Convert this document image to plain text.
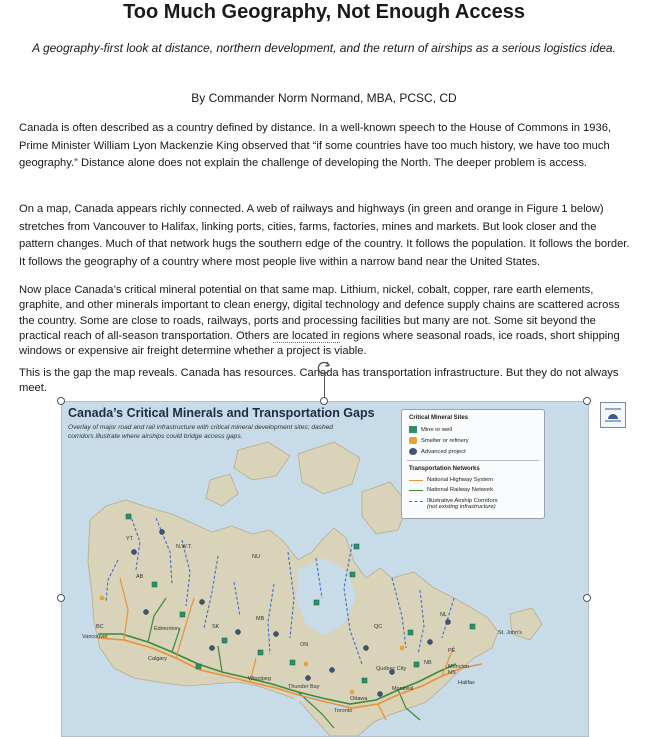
Too Much Geography, Not Enough Access
A geography-first look at distance, northern development, and the return of airships as a serious logistics idea.
By Commander Norm Normand, MBA, PCSC, CD

Canada is often described as a country defined by distance. In a well-known speech to the House of Commons in 1936, Prime Minister William Lyon Mackenzie King observed that “if some countries have too much history, we have too much geography.” Distance alone does not explain the challenge of developing the North. The deeper problem is access.

On a map, Canada appears richly connected. A web of railways and highways (in green and orange in Figure 1 below) stretches from Vancouver to Halifax, linking ports, cities, farms, factories, mines and markets. But look closer and the pattern changes. Much of that network hugs the southern edge of the country. It follows the population. It follows the border. It follows the geography of a country where most people live within a narrow band near the United States.

Now place Canada’s critical mineral potential on that same map. Lithium, nickel, cobalt, copper, rare earth elements, graphite, and other minerals important to clean energy, digital technology and defence supply chains are scattered across the country. Some are close to roads, railways, ports and processing facilities but many are not. Some sit beyond the practical reach of all-season transportation. Others are located in regions where seasonal roads, ice roads, short shipping windows or expensive air freight determine whether a project is viable.

This is the gap the map reveals. Canada has resources. Canada has transportation infrastructure. But they do not always meet.

YT
N.W.T.
NU
BC
AB
SK
MB
ON
QC
NL
NB
PE
NS
Vancouver
Edmonton
Calgary
Winnipeg
Thunder Bay
Toronto
Ottawa
Montréal
Québec City	Moncton
Halifax
St. John’s
Canada’s Critical Minerals and Transportation Gaps
Overlay of major road and rail infrastructure with critical mineral development sites; dashed corridors illustrate where airships could bridge access gaps.
Critical Mineral Sites
Mine or well
Smelter or refinery
Advanced project
Transportation Networks
National Highway System
National Railway Network
Illustrative Airship Corridors
(not existing infrastructure)
